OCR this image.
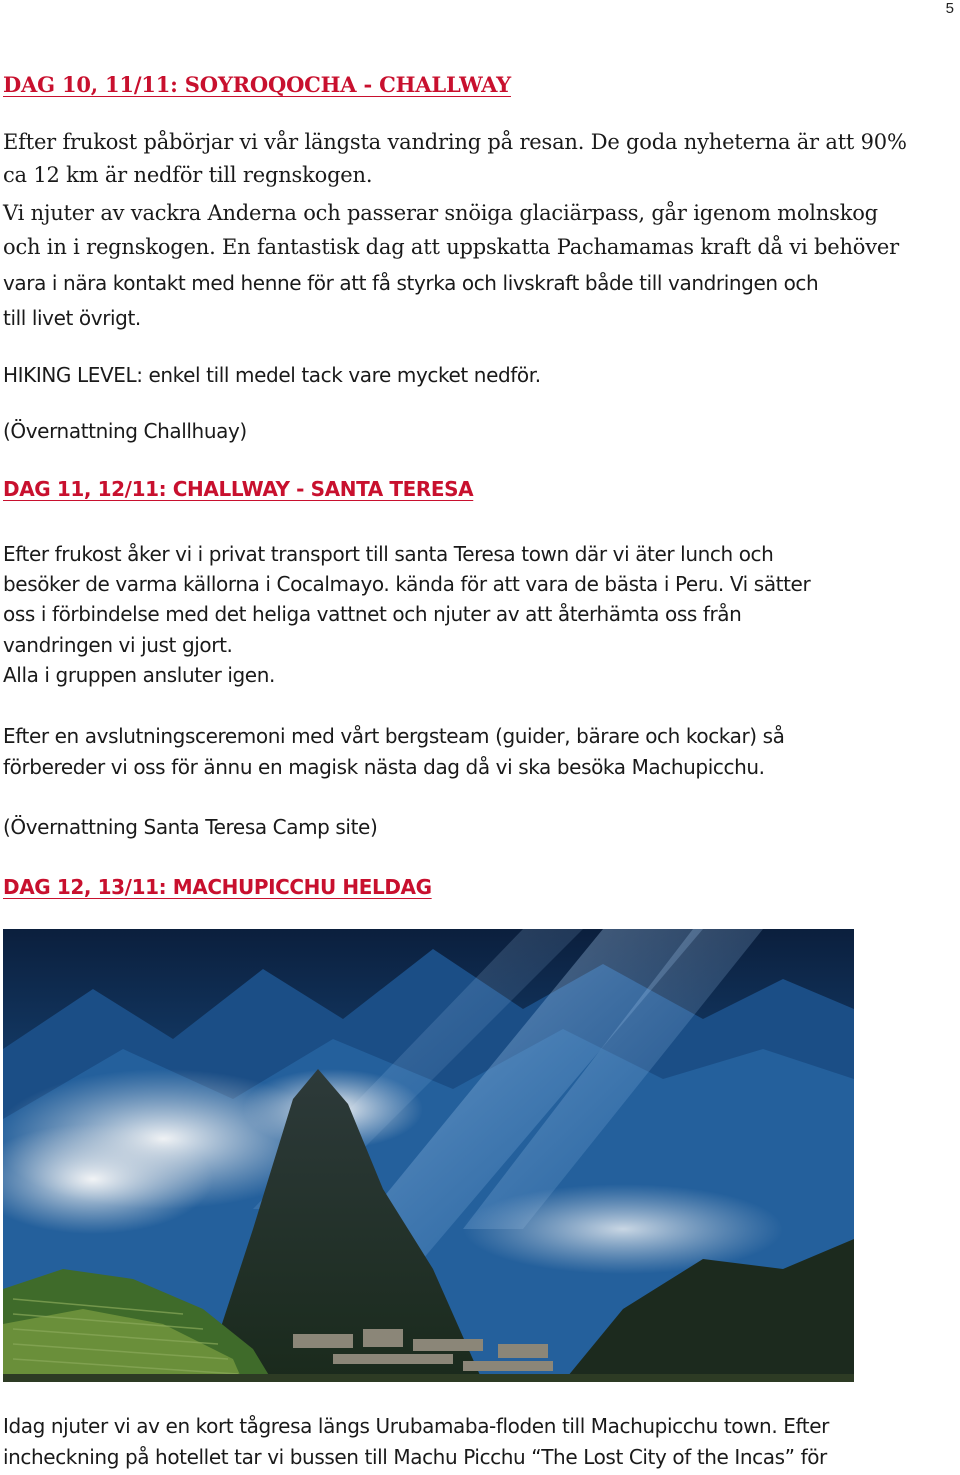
5
DAG 10, 11/11: SOYROQOCHA - CHALLWAY
Efter frukost påbörjar vi vår längsta vandring på resan. De goda nyheterna är att 90%
ca 12 km är nedför till regnskogen.
Vi njuter av vackra Anderna och passerar snöiga glaciärpass, går igenom molnskog
och in i regnskogen. En fantastisk dag att uppskatta Pachamamas kraft då vi behöver
vara i nära kontakt med henne för att få styrka och livskraft både till vandringen och
till livet övrigt.
HIKING LEVEL: enkel till medel tack vare mycket nedför.
(Övernattning Challhuay)
DAG 11, 12/11: CHALLWAY - SANTA TERESA
Efter frukost åker vi i privat transport till santa Teresa town där vi äter lunch och
besöker de varma källorna i Cocalmayo. kända för att vara de bästa i Peru. Vi sätter
oss i förbindelse med det heliga vattnet och njuter av att återhämta oss från
vandringen vi just gjort.
Alla i gruppen ansluter igen.
Efter en avslutningsceremoni med vårt bergsteam (guider, bärare och kockar) så
förbereder vi oss för ännu en magisk nästa dag då vi ska besöka Machupicchu.
(Övernattning Santa Teresa Camp site)
DAG 12, 13/11: MACHUPICCHU HELDAG
Idag njuter vi av en kort tågresa längs Urubamaba-floden till Machupicchu town. Efter
incheckning på hotellet tar vi bussen till Machu Picchu “The Lost City of the Incas” för
